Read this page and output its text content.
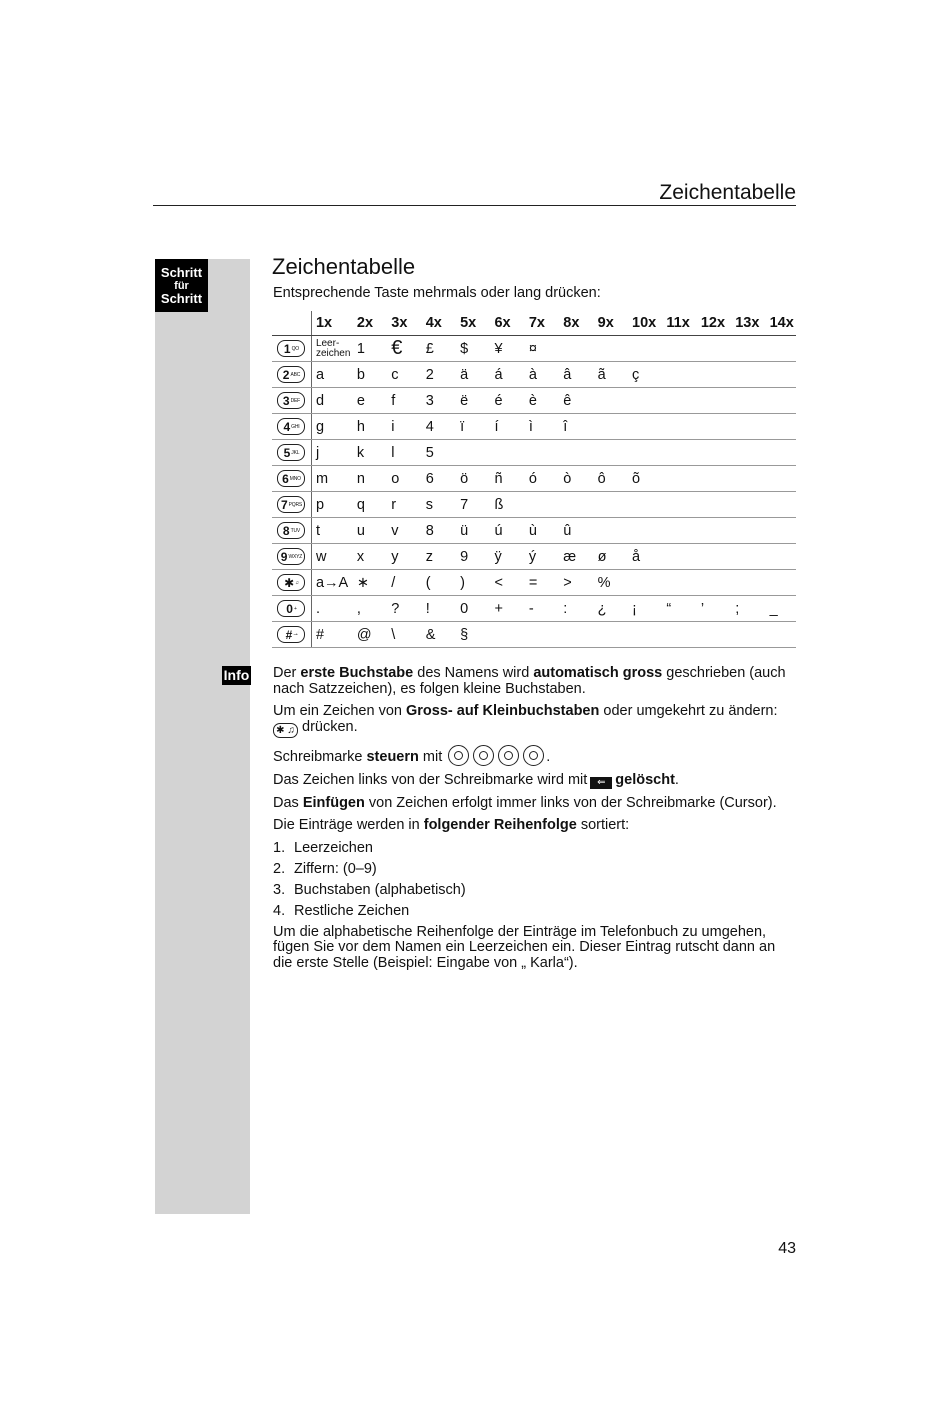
Zeichentabelle
Schritt
für
Schritt
Info
Zeichentabelle
Entsprechende Taste mehrmals oder lang drücken:
	1x	2x	3x	4x	5x	6x	7x	8x	9x	10x	11x	12x	13x	14x

1 QO	Leer-
zeichen	1	€	£	$	¥	¤							

2 ABC	a	b	c	2	ä	á	à	â	ã	ç				

3 DEF	d	e	f	3	ë	é	è	ê						

4 GHI	g	h	i	4	ï	í	ì	î						

5 JKL	j	k	l	5										

6 MNO	m	n	o	6	ö	ñ	ó	ò	ô	õ				

7 PQRS	p	q	r	s	7	ß								

8 TUV	t	u	v	8	ü	ú	ù	û						

9 WXYZ	w	x	y	z	9	ÿ	ý	æ	ø	å				

✱ ♫	a→A	∗	/	(	)	<	=	>	%					

0 +	.	,	?	!	0	+	-	:	¿	¡	“	’	;	_

# ⊸	#	@	\	&	§									

Der erste Buchstabe des Namens wird automatisch gross geschrieben (auch nach Satzzeichen), es folgen kleine Buchstaben.

Um ein Zeichen von Gross- auf Kleinbuchstaben oder umgekehrt zu ändern:
✱ ♫ drücken.

Schreibmarke steuern mit	.

Das Zeichen links von der Schreibmarke wird mit ⇐ gelöscht.

Das Einfügen von Zeichen erfolgt immer links von der Schreibmarke (Cursor).

Die Einträge werden in folgender Reihenfolge sortiert:

1. Leerzeichen
2. Ziffern: (0–9)
3. Buchstaben (alphabetisch)
4. Restliche Zeichen

Um die alphabetische Reihenfolge der Einträge im Telefonbuch zu umgehen, fügen Sie vor dem Namen ein Leerzeichen ein. Dieser Eintrag rutscht dann an die erste Stelle (Beispiel: Eingabe von „ Karla“).

43
